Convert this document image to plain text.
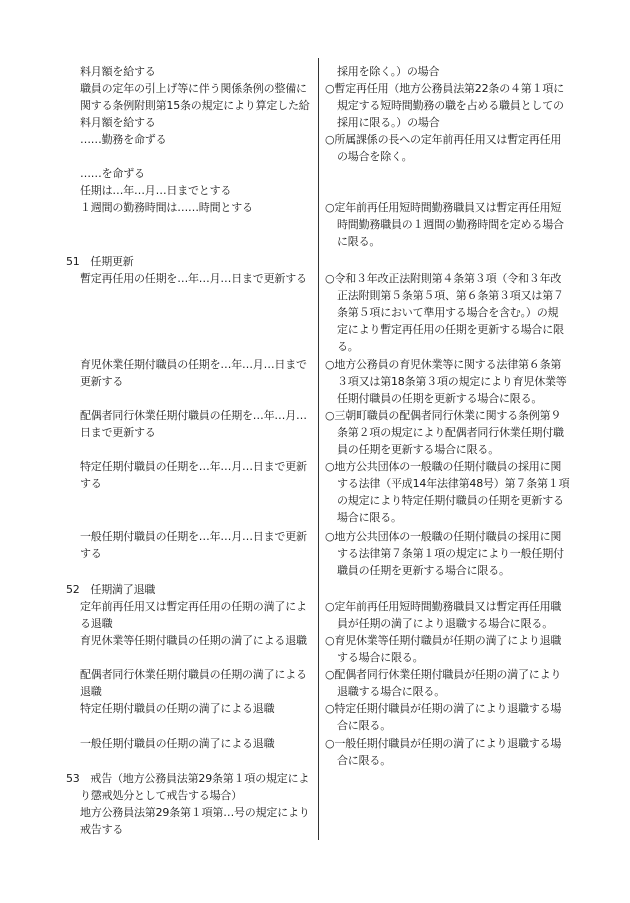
料月額を給する
職員の定年の引上げ等に伴う関係条例の整備に
関する条例附則第15条の規定により算定した給
料月額を給する
……勤務を命ずる
……を命ずる
任期は…年…月…日までとする
１週間の勤務時間は……時間とする
51　任期更新
暫定再任用の任期を…年…月…日まで更新する
育児休業任期付職員の任期を…年…月…日まで
更新する
配偶者同行休業任期付職員の任期を…年…月…
日まで更新する
特定任期付職員の任期を…年…月…日まで更新
する
一般任期付職員の任期を…年…月…日まで更新
する
52　任期満了退職
定年前再任用又は暫定再任用の任期の満了によ
る退職
育児休業等任期付職員の任期の満了による退職
配偶者同行休業任期付職員の任期の満了による
退職
特定任期付職員の任期の満了による退職
一般任期付職員の任期の満了による退職
53　戒告（地方公務員法第29条第１項の規定によ
り懲戒処分として戒告する場合）
地方公務員法第29条第１項第…号の規定により
戒告する
採用を除く。）の場合
○暫定再任用（地方公務員法第22条の４第１項に
規定する短時間勤務の職を占める職員としての
採用に限る。）の場合
○所属課係の長への定年前再任用又は暫定再任用
の場合を除く。
○定年前再任用短時間勤務職員又は暫定再任用短
時間勤務職員の１週間の勤務時間を定める場合
に限る。
○令和３年改正法附則第４条第３項（令和３年改
正法附則第５条第５項、第６条第３項又は第７
条第５項において準用する場合を含む。）の規
定により暫定再任用の任期を更新する場合に限
る。
○地方公務員の育児休業等に関する法律第６条第
３項又は第18条第３項の規定により育児休業等
任期付職員の任期を更新する場合に限る。
○三朝町職員の配偶者同行休業に関する条例第９
条第２項の規定により配偶者同行休業任期付職
員の任期を更新する場合に限る。
○地方公共団体の一般職の任期付職員の採用に関
する法律（平成14年法律第48号）第７条第１項
の規定により特定任期付職員の任期を更新する
場合に限る。
○地方公共団体の一般職の任期付職員の採用に関
する法律第７条第１項の規定により一般任期付
職員の任期を更新する場合に限る。
○定年前再任用短時間勤務職員又は暫定再任用職
員が任期の満了により退職する場合に限る。
○育児休業等任期付職員が任期の満了により退職
する場合に限る。
○配偶者同行休業任期付職員が任期の満了により
退職する場合に限る。
○特定任期付職員が任期の満了により退職する場
合に限る。
○一般任期付職員が任期の満了により退職する場
合に限る。
